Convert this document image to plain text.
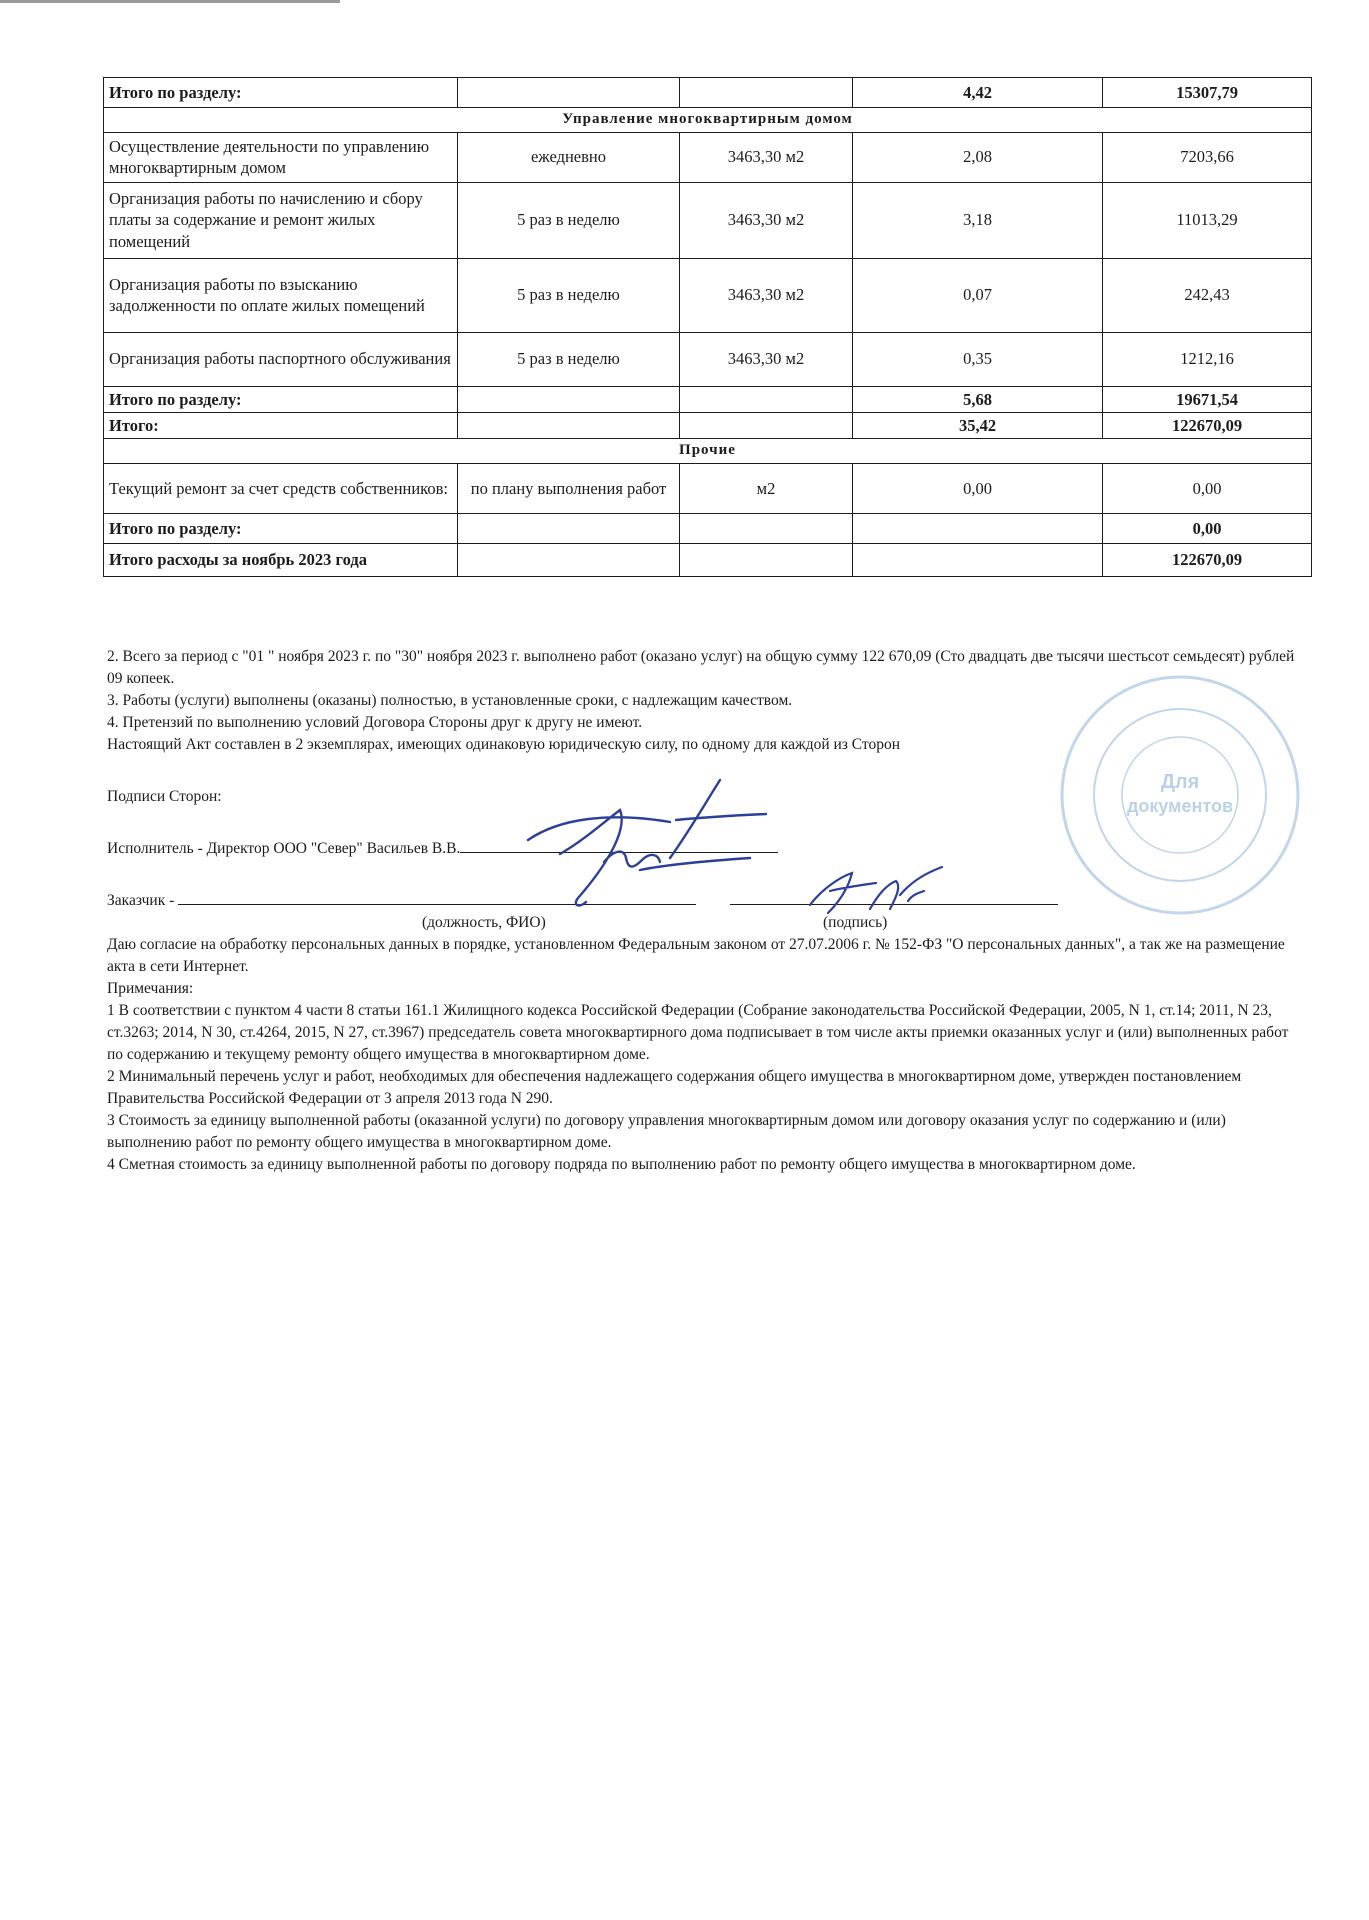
Итого по разделу:			4,42	15307,79
Управление многоквартирным домом				
Осуществление деятельности по управлению многоквартирным домом	ежедневно	3463,30 м2	2,08	7203,66
Организация работы по начислению и сбору платы за содержание и ремонт жилых помещений	5 раз в неделю	3463,30 м2	3,18	11013,29
Организация работы по взысканию задолженности по оплате жилых помещений	5 раз в неделю	3463,30 м2	0,07	242,43
Организация работы паспортного обслуживания	5 раз в неделю	3463,30 м2	0,35	1212,16
Итого по разделу:			5,68	19671,54
Итого:			35,42	122670,09
Прочие				
Текущий ремонт за счет средств собственников:	по плану выполнения работ	м2	0,00	0,00
Итого по разделу:				0,00
Итого расходы за ноябрь 2023 года				122670,09

2. Всего за период с "01 " ноября 2023 г. по "30" ноября 2023 г. выполнено работ (оказано услуг) на общую сумму 122 670,09 (Сто двадцать две тысячи шестьсот семьдесят) рублей 09 копеек.

3. Работы (услуги) выполнены (оказаны) полностью, в установленные сроки, с надлежащим качеством.

4. Претензий по выполнению условий Договора Стороны друг к другу не имеют.

Настоящий Акт составлен в 2 экземплярах, имеющих одинаковую юридическую силу, по одному для каждой из Сторон

Подписи Сторон:

Исполнитель - Директор ООО "Север" Васильев В.В.

Заказчик -

(должность, ФИО)	(подпись)

Даю согласие на обработку персональных данных в порядке, установленном Федеральным законом от 27.07.2006 г. № 152-ФЗ "О персональных данных", а так же на размещение акта в сети Интернет.

Примечания:

1 В соответствии с пунктом 4 части 8 статьи 161.1 Жилищного кодекса Российской Федерации (Собрание законодательства Российской Федерации, 2005, N 1, ст.14; 2011, N 23, ст.3263; 2014, N 30, ст.4264, 2015, N 27, ст.3967) председатель совета многоквартирного дома подписывает в том числе акты приемки оказанных услуг и (или) выполненных работ по содержанию и текущему ремонту общего имущества в многоквартирном доме.

2 Минимальный перечень услуг и работ, необходимых для обеспечения надлежащего содержания общего имущества в многоквартирном доме, утвержден постановлением Правительства Российской Федерации от 3 апреля 2013 года N 290.

3 Стоимость за единицу выполненной работы (оказанной услуги) по договору управления многоквартирным домом или договору оказания услуг по содержанию и (или) выполнению работ по ремонту общего имущества в многоквартирном доме.

4 Сметная стоимость за единицу выполненной работы по договору подряда по выполнению работ по ремонту общего имущества в многоквартирном доме.

Для
документов
